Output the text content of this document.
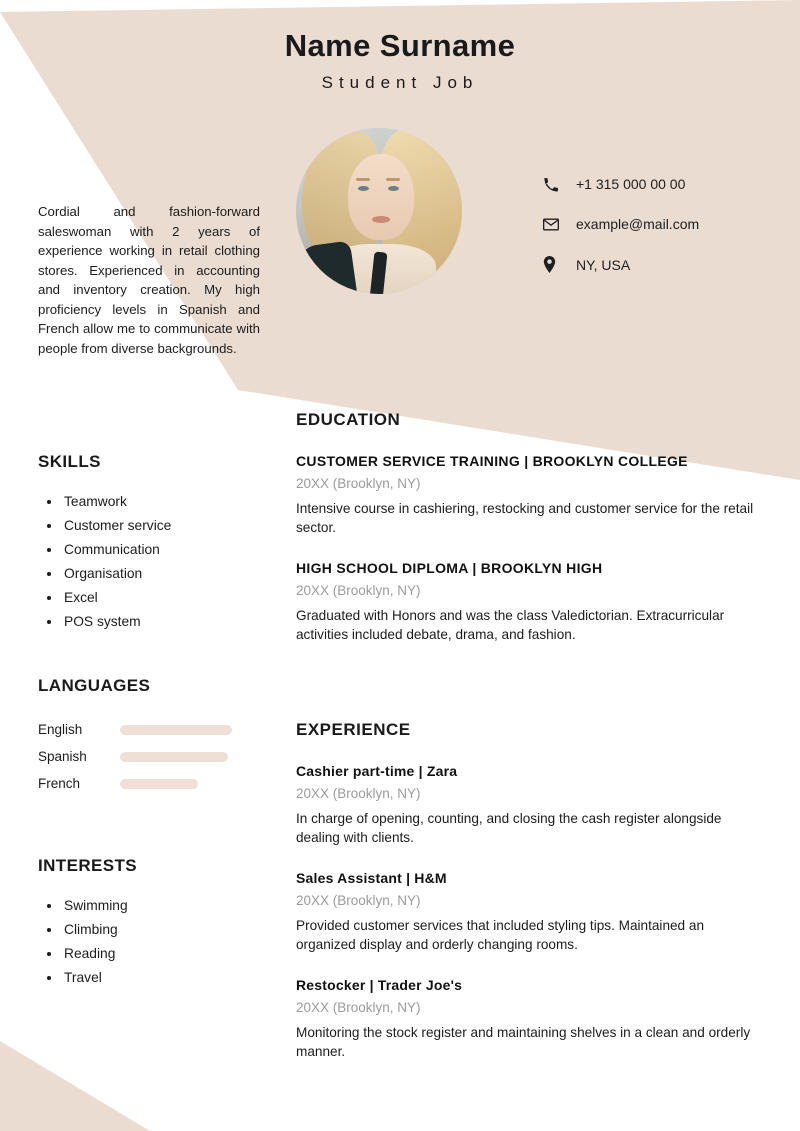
Name Surname
Student Job
+1 315 000 00 00
example@mail.com
NY, USA
Cordial and fashion-forward saleswoman with 2 years of experience working in retail clothing stores. Experienced in accounting and inventory creation. My high proficiency levels in Spanish and French allow me to communicate with people from diverse backgrounds.
SKILLS
Teamwork
Customer service
Communication
Organisation
Excel
POS system
LANGUAGES
English
Spanish
French
INTERESTS
Swimming
Climbing
Reading
Travel
EDUCATION
CUSTOMER SERVICE TRAINING | BROOKLYN COLLEGE
20XX (Brooklyn, NY)
Intensive course in cashiering, restocking and customer service for the retail sector.
HIGH SCHOOL DIPLOMA | BROOKLYN HIGH
20XX (Brooklyn, NY)
Graduated with Honors and was the class Valedictorian. Extracurricular activities included debate, drama, and fashion.
EXPERIENCE
Cashier part-time | Zara
20XX (Brooklyn, NY)
In charge of opening, counting, and closing the cash register alongside dealing with clients.
Sales Assistant | H&M
20XX (Brooklyn, NY)
Provided customer services that included styling tips. Maintained an organized display and orderly changing rooms.
Restocker | Trader Joe's
20XX (Brooklyn, NY)
Monitoring the stock register and maintaining shelves in a clean and orderly manner.
